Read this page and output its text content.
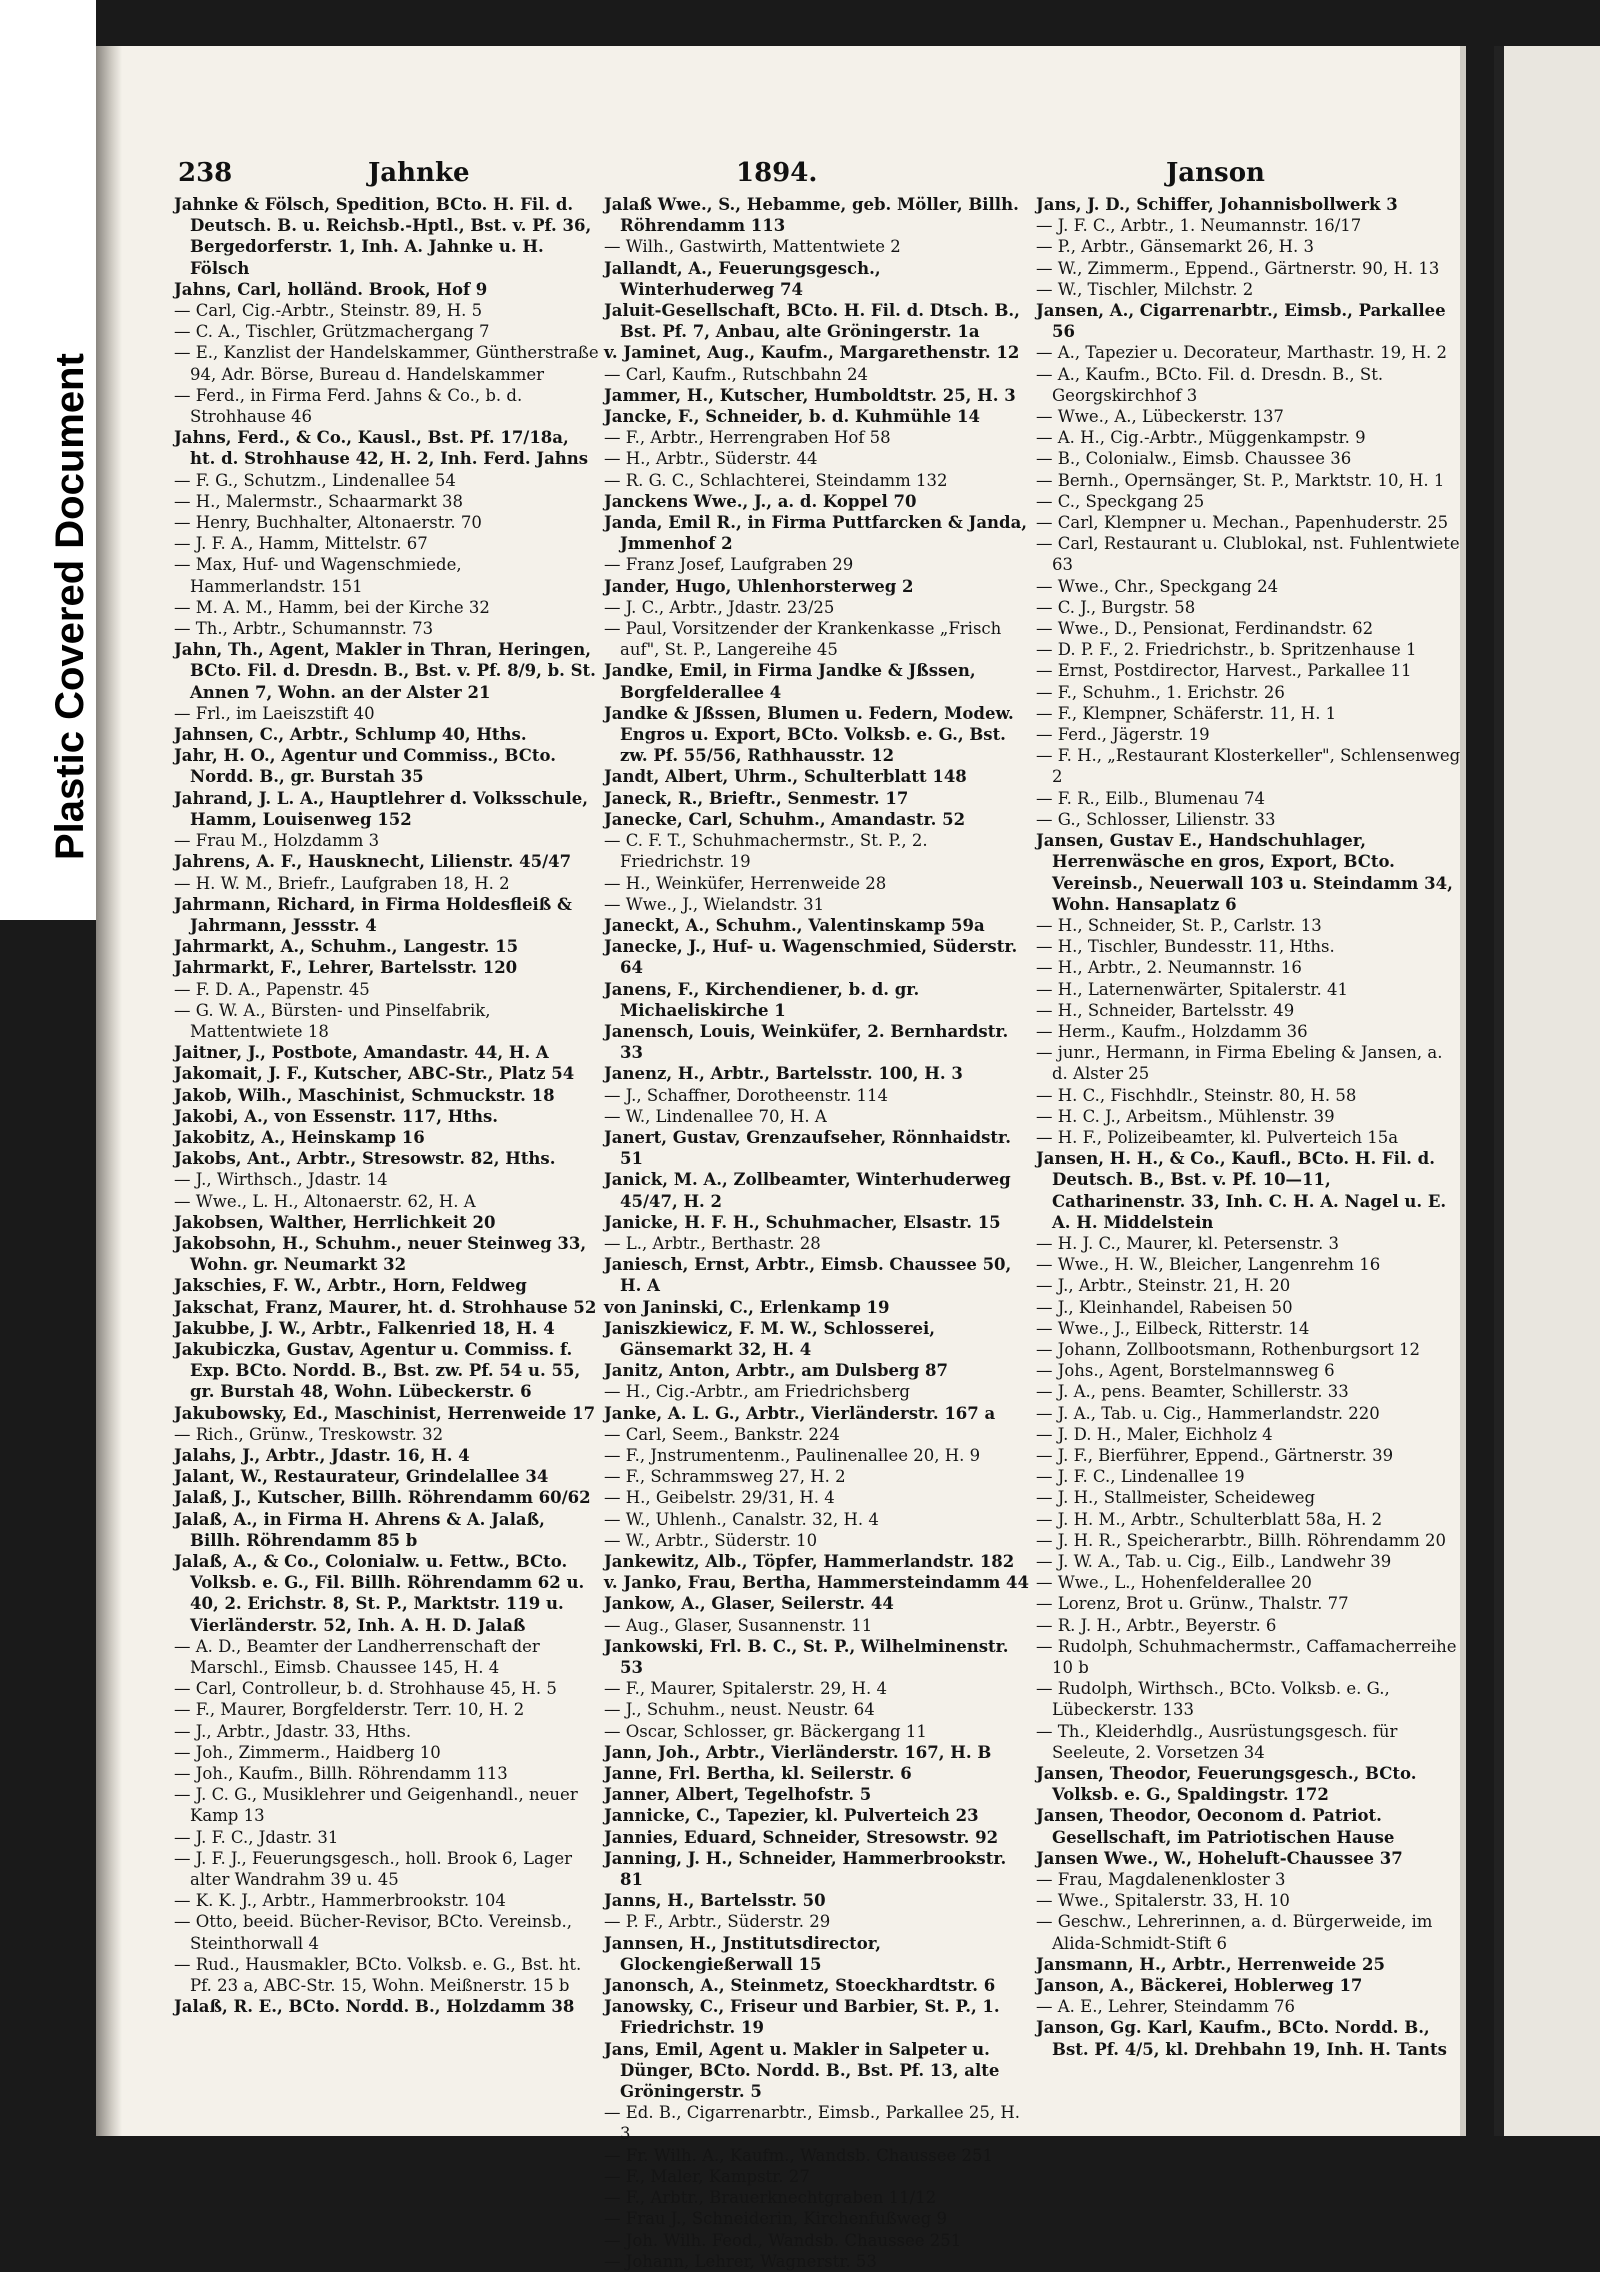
Plastic Covered Document
238	Jahnke	1894.	Janson

Jahnke & Fölsch, Spedition, BCto. H. Fil. d. Deutsch. B. u. Reichsb.-Hptl., Bst. v. Pf. 36, Bergedorferstr. 1, Inh. A. Jahnke u. H. Fölsch

Jahns, Carl, holländ. Brook, Hof 9

— Carl, Cig.-Arbtr., Steinstr. 89, H. 5

— C. A., Tischler, Grützmachergang 7

— E., Kanzlist der Handelskammer, Güntherstraße 94, Adr. Börse, Bureau d. Handelskammer

— Ferd., in Firma Ferd. Jahns & Co., b. d. Strohhause 46

Jahns, Ferd., & Co., Kausl., Bst. Pf. 17/18a, ht. d. Strohhause 42, H. 2, Inh. Ferd. Jahns

— F. G., Schutzm., Lindenallee 54

— H., Malermstr., Schaarmarkt 38

— Henry, Buchhalter, Altonaerstr. 70

— J. F. A., Hamm, Mittelstr. 67

— Max, Huf- und Wagenschmiede, Hammerlandstr. 151

— M. A. M., Hamm, bei der Kirche 32

— Th., Arbtr., Schumannstr. 73

Jahn, Th., Agent, Makler in Thran, Heringen, BCto. Fil. d. Dresdn. B., Bst. v. Pf. 8/9, b. St. Annen 7, Wohn. an der Alster 21

— Frl., im Laeiszstift 40

Jahnsen, C., Arbtr., Schlump 40, Hths.

Jahr, H. O., Agentur und Commiss., BCto. Nordd. B., gr. Burstah 35

Jahrand, J. L. A., Hauptlehrer d. Volksschule, Hamm, Louisenweg 152

— Frau M., Holzdamm 3

Jahrens, A. F., Hausknecht, Lilienstr. 45/47

— H. W. M., Briefr., Laufgraben 18, H. 2

Jahrmann, Richard, in Firma Holdesfleiß & Jahrmann, Jessstr. 4

Jahrmarkt, A., Schuhm., Langestr. 15

Jahrmarkt, F., Lehrer, Bartelsstr. 120

— F. D. A., Papenstr. 45

— G. W. A., Bürsten- und Pinselfabrik, Mattentwiete 18

Jaitner, J., Postbote, Amandastr. 44, H. A

Jakomait, J. F., Kutscher, ABC-Str., Platz 54

Jakob, Wilh., Maschinist, Schmuckstr. 18

Jakobi, A., von Essenstr. 117, Hths.

Jakobitz, A., Heinskamp 16

Jakobs, Ant., Arbtr., Stresowstr. 82, Hths.

— J., Wirthsch., Jdastr. 14

— Wwe., L. H., Altonaerstr. 62, H. A

Jakobsen, Walther, Herrlichkeit 20

Jakobsohn, H., Schuhm., neuer Steinweg 33, Wohn. gr. Neumarkt 32

Jakschies, F. W., Arbtr., Horn, Feldweg

Jakschat, Franz, Maurer, ht. d. Strohhause 52

Jakubbe, J. W., Arbtr., Falkenried 18, H. 4

Jakubiczka, Gustav, Agentur u. Commiss. f. Exp. BCto. Nordd. B., Bst. zw. Pf. 54 u. 55, gr. Burstah 48, Wohn. Lübeckerstr. 6

Jakubowsky, Ed., Maschinist, Herrenweide 17

— Rich., Grünw., Treskowstr. 32

Jalahs, J., Arbtr., Jdastr. 16, H. 4

Jalant, W., Restaurateur, Grindelallee 34

Jalaß, J., Kutscher, Billh. Röhrendamm 60/62

Jalaß, A., in Firma H. Ahrens & A. Jalaß, Billh. Röhrendamm 85 b

Jalaß, A., & Co., Colonialw. u. Fettw., BCto. Volksb. e. G., Fil. Billh. Röhrendamm 62 u. 40, 2. Erichstr. 8, St. P., Marktstr. 119 u. Vierländerstr. 52, Inh. A. H. D. Jalaß

— A. D., Beamter der Landherrenschaft der Marschl., Eimsb. Chaussee 145, H. 4

— Carl, Controlleur, b. d. Strohhause 45, H. 5

— F., Maurer, Borgfelderstr. Terr. 10, H. 2

— J., Arbtr., Jdastr. 33, Hths.

— Joh., Zimmerm., Haidberg 10

— Joh., Kaufm., Billh. Röhrendamm 113

— J. C. G., Musiklehrer und Geigenhandl., neuer Kamp 13

— J. F. C., Jdastr. 31

— J. F. J., Feuerungsgesch., holl. Brook 6, Lager alter Wandrahm 39 u. 45

— K. K. J., Arbtr., Hammerbrookstr. 104

— Otto, beeid. Bücher-Revisor, BCto. Vereinsb., Steinthorwall 4

— Rud., Hausmakler, BCto. Volksb. e. G., Bst. ht. Pf. 23 a, ABC-Str. 15, Wohn. Meißnerstr. 15 b

Jalaß, R. E., BCto. Nordd. B., Holzdamm 38

Jalaß Wwe., S., Hebamme, geb. Möller, Billh. Röhrendamm 113

— Wilh., Gastwirth, Mattentwiete 2

Jallandt, A., Feuerungsgesch., Winterhuderweg 74

Jaluit-Gesellschaft, BCto. H. Fil. d. Dtsch. B., Bst. Pf. 7, Anbau, alte Gröningerstr. 1a

v. Jaminet, Aug., Kaufm., Margarethenstr. 12

— Carl, Kaufm., Rutschbahn 24

Jammer, H., Kutscher, Humboldtstr. 25, H. 3

Jancke, F., Schneider, b. d. Kuhmühle 14

— F., Arbtr., Herrengraben Hof 58

— H., Arbtr., Süderstr. 44

— R. G. C., Schlachterei, Steindamm 132

Janckens Wwe., J., a. d. Koppel 70

Janda, Emil R., in Firma Puttfarcken & Janda, Jmmenhof 2

— Franz Josef, Laufgraben 29

Jander, Hugo, Uhlenhorsterweg 2

— J. C., Arbtr., Jdastr. 23/25

— Paul, Vorsitzender der Krankenkasse „Frisch auf", St. P., Langereihe 45

Jandke, Emil, in Firma Jandke & Jßssen, Borgfelderallee 4

Jandke & Jßssen, Blumen u. Federn, Modew. Engros u. Export, BCto. Volksb. e. G., Bst. zw. Pf. 55/56, Rathhausstr. 12

Jandt, Albert, Uhrm., Schulterblatt 148

Janeck, R., Brieftr., Senmestr. 17

Janecke, Carl, Schuhm., Amandastr. 52

— C. F. T., Schuhmachermstr., St. P., 2. Friedrichstr. 19

— H., Weinküfer, Herrenweide 28

— Wwe., J., Wielandstr. 31

Janeckt, A., Schuhm., Valentinskamp 59a

Janecke, J., Huf- u. Wagenschmied, Süderstr. 64

Janens, F., Kirchendiener, b. d. gr. Michaeliskirche 1

Janensch, Louis, Weinküfer, 2. Bernhardstr. 33

Janenz, H., Arbtr., Bartelsstr. 100, H. 3

— J., Schaffner, Dorotheenstr. 114

— W., Lindenallee 70, H. A

Janert, Gustav, Grenzaufseher, Rönnhaidstr. 51

Janick, M. A., Zollbeamter, Winterhuderweg 45/47, H. 2

Janicke, H. F. H., Schuhmacher, Elsastr. 15

— L., Arbtr., Berthastr. 28

Janiesch, Ernst, Arbtr., Eimsb. Chaussee 50, H. A

von Janinski, C., Erlenkamp 19

Janiszkiewicz, F. M. W., Schlosserei, Gänsemarkt 32, H. 4

Janitz, Anton, Arbtr., am Dulsberg 87

— H., Cig.-Arbtr., am Friedrichsberg

Janke, A. L. G., Arbtr., Vierländerstr. 167 a

— Carl, Seem., Bankstr. 224

— F., Jnstrumentenm., Paulinenallee 20, H. 9

— F., Schrammsweg 27, H. 2

— H., Geibelstr. 29/31, H. 4

— W., Uhlenh., Canalstr. 32, H. 4

— W., Arbtr., Süderstr. 10

Jankewitz, Alb., Töpfer, Hammerlandstr. 182

v. Janko, Frau, Bertha, Hammersteindamm 44

Jankow, A., Glaser, Seilerstr. 44

— Aug., Glaser, Susannenstr. 11

Jankowski, Frl. B. C., St. P., Wilhelminenstr. 53

— F., Maurer, Spitalerstr. 29, H. 4

— J., Schuhm., neust. Neustr. 64

— Oscar, Schlosser, gr. Bäckergang 11

Jann, Joh., Arbtr., Vierländerstr. 167, H. B

Janne, Frl. Bertha, kl. Seilerstr. 6

Janner, Albert, Tegelhofstr. 5

Jannicke, C., Tapezier, kl. Pulverteich 23

Jannies, Eduard, Schneider, Stresowstr. 92

Janning, J. H., Schneider, Hammerbrookstr. 81

Janns, H., Bartelsstr. 50

— P. F., Arbtr., Süderstr. 29

Jannsen, H., Jnstitutsdirector, Glockengießerwall 15

Janonsch, A., Steinmetz, Stoeckhardtstr. 6

Janowsky, C., Friseur und Barbier, St. P., 1. Friedrichstr. 19

Jans, Emil, Agent u. Makler in Salpeter u. Dünger, BCto. Nordd. B., Bst. Pf. 13, alte Gröningerstr. 5

— Ed. B., Cigarrenarbtr., Eimsb., Parkallee 25, H. 3

— Fr. Wilh. A., Kaufm., Wandsb. Chaussee 251

— F., Maler, Kampstr. 27

— F., Arbtr., Brauerknechtgraben 11/12

— Frau J., Schneiderin, Kirchenfußweg 9

— Joh. Wilh. Feod., Wandsb. Chaussee 251

— Johann, Lehrer, Wagnerstr. 53

Jans, J. D., Schiffer, Johannisbollwerk 3

— J. F. C., Arbtr., 1. Neumannstr. 16/17

— P., Arbtr., Gänsemarkt 26, H. 3

— W., Zimmerm., Eppend., Gärtnerstr. 90, H. 13

— W., Tischler, Milchstr. 2

Jansen, A., Cigarrenarbtr., Eimsb., Parkallee 56

— A., Tapezier u. Decorateur, Marthastr. 19, H. 2

— A., Kaufm., BCto. Fil. d. Dresdn. B., St. Georgskirchhof 3

— Wwe., A., Lübeckerstr. 137

— A. H., Cig.-Arbtr., Müggenkampstr. 9

— B., Colonialw., Eimsb. Chaussee 36

— Bernh., Opernsänger, St. P., Marktstr. 10, H. 1

— C., Speckgang 25

— Carl, Klempner u. Mechan., Papenhuderstr. 25

— Carl, Restaurant u. Clublokal, nst. Fuhlentwiete 63

— Wwe., Chr., Speckgang 24

— C. J., Burgstr. 58

— Wwe., D., Pensionat, Ferdinandstr. 62

— D. P. F., 2. Friedrichstr., b. Spritzenhause 1

— Ernst, Postdirector, Harvest., Parkallee 11

— F., Schuhm., 1. Erichstr. 26

— F., Klempner, Schäferstr. 11, H. 1

— Ferd., Jägerstr. 19

— F. H., „Restaurant Klosterkeller", Schlensenweg 2

— F. R., Eilb., Blumenau 74

— G., Schlosser, Lilienstr. 33

Jansen, Gustav E., Handschuhlager, Herrenwäsche en gros, Export, BCto. Vereinsb., Neuerwall 103 u. Steindamm 34, Wohn. Hansaplatz 6

— H., Schneider, St. P., Carlstr. 13

— H., Tischler, Bundesstr. 11, Hths.

— H., Arbtr., 2. Neumannstr. 16

— H., Laternenwärter, Spitalerstr. 41

— H., Schneider, Bartelsstr. 49

— Herm., Kaufm., Holzdamm 36

— junr., Hermann, in Firma Ebeling & Jansen, a. d. Alster 25

— H. C., Fischhdlr., Steinstr. 80, H. 58

— H. C. J., Arbeitsm., Mühlenstr. 39

— H. F., Polizeibeamter, kl. Pulverteich 15a

Jansen, H. H., & Co., Kaufl., BCto. H. Fil. d. Deutsch. B., Bst. v. Pf. 10—11, Catharinenstr. 33, Inh. C. H. A. Nagel u. E. A. H. Middelstein

— H. J. C., Maurer, kl. Petersenstr. 3

— Wwe., H. W., Bleicher, Langenrehm 16

— J., Arbtr., Steinstr. 21, H. 20

— J., Kleinhandel, Rabeisen 50

— Wwe., J., Eilbeck, Ritterstr. 14

— Johann, Zollbootsmann, Rothenburgsort 12

— Johs., Agent, Borstelmannsweg 6

— J. A., pens. Beamter, Schillerstr. 33

— J. A., Tab. u. Cig., Hammerlandstr. 220

— J. D. H., Maler, Eichholz 4

— J. F., Bierführer, Eppend., Gärtnerstr. 39

— J. F. C., Lindenallee 19

— J. H., Stallmeister, Scheideweg

— J. H. M., Arbtr., Schulterblatt 58a, H. 2

— J. H. R., Speicherarbtr., Billh. Röhrendamm 20

— J. W. A., Tab. u. Cig., Eilb., Landwehr 39

— Wwe., L., Hohenfelderallee 20

— Lorenz, Brot u. Grünw., Thalstr. 77

— R. J. H., Arbtr., Beyerstr. 6

— Rudolph, Schuhmachermstr., Caffamacherreihe 10 b

— Rudolph, Wirthsch., BCto. Volksb. e. G., Lübeckerstr. 133

— Th., Kleiderhdlg., Ausrüstungsgesch. für Seeleute, 2. Vorsetzen 34

Jansen, Theodor, Feuerungsgesch., BCto. Volksb. e. G., Spaldingstr. 172

Jansen, Theodor, Oeconom d. Patriot. Gesellschaft, im Patriotischen Hause

Jansen Wwe., W., Hoheluft-Chaussee 37

— Frau, Magdalenenkloster 3

— Wwe., Spitalerstr. 33, H. 10

— Geschw., Lehrerinnen, a. d. Bürgerweide, im Alida-Schmidt-Stift 6

Jansmann, H., Arbtr., Herrenweide 25

Janson, A., Bäckerei, Hoblerweg 17

— A. E., Lehrer, Steindamm 76

Janson, Gg. Karl, Kaufm., BCto. Nordd. B., Bst. Pf. 4/5, kl. Drehbahn 19, Inh. H. Tants
